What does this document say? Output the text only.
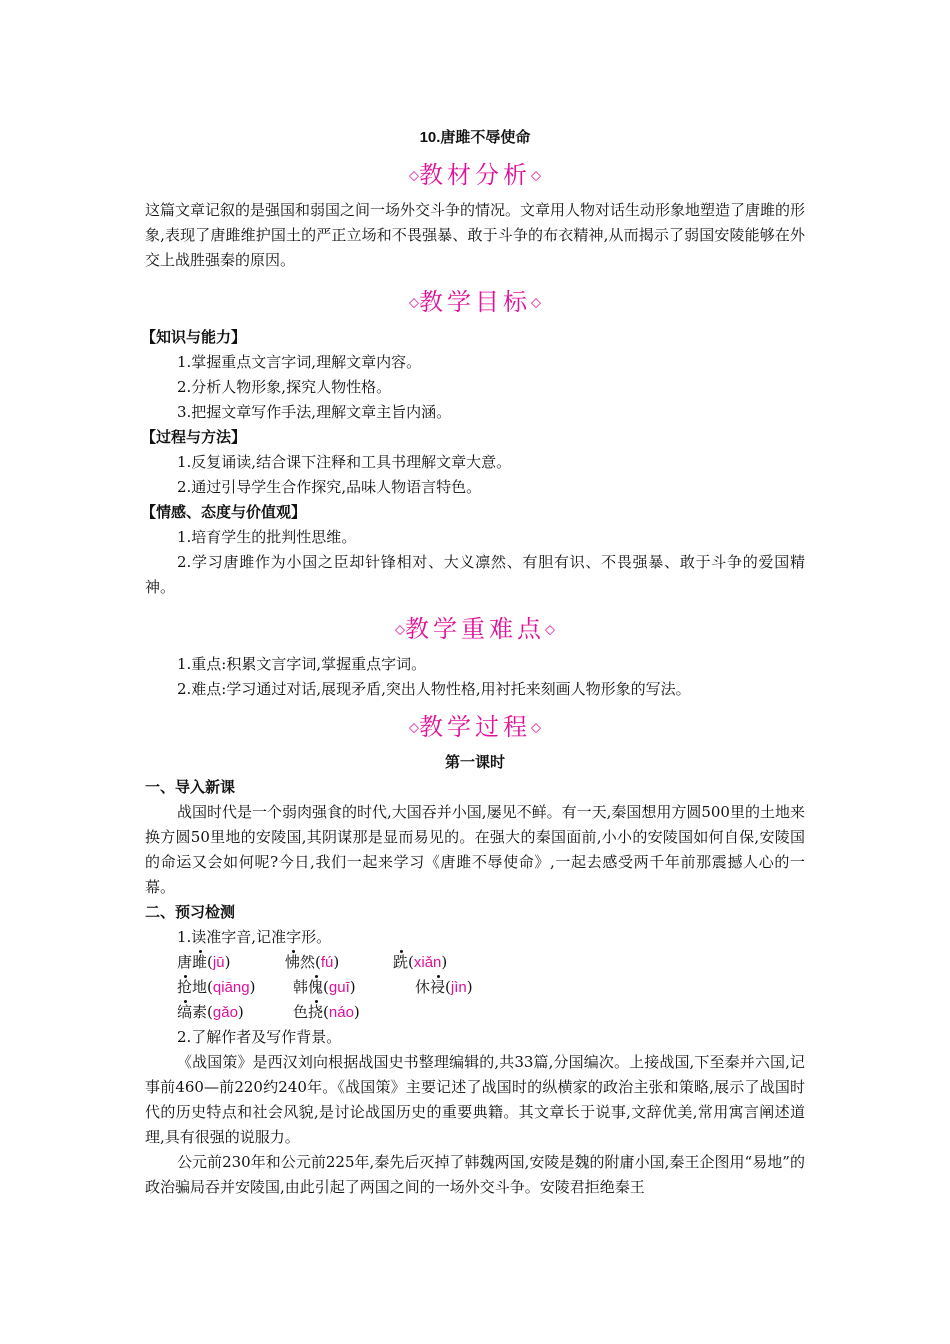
10.唐雎不辱使命
◇教材分析◇

这篇文章记叙的是强国和弱国之间一场外交斗争的情况。文章用人物对话生动形象地塑造了唐雎的形象,表现了唐雎维护国土的严正立场和不畏强暴、敢于斗争的布衣精神,从而揭示了弱国安陵能够在外交上战胜强秦的原因。

◇教学目标◇

【知识与能力】

1.掌握重点文言字词,理解文章内容。

2.分析人物形象,探究人物性格。

3.把握文章写作手法,理解文章主旨内涵。

【过程与方法】

1.反复诵读,结合课下注释和工具书理解文章大意。

2.通过引导学生合作探究,品味人物语言特色。

【情感、态度与价值观】

1.培育学生的批判性思维。

2.学习唐雎作为小国之臣却针锋相对、大义凛然、有胆有识、不畏强暴、敢于斗争的爱国精神。

◇教学重难点◇

1.重点:积累文言字词,掌握重点字词。

2.难点:学习通过对话,展现矛盾,突出人物性格,用衬托来刻画人物形象的写法。

◇教学过程◇

第一课时

一、导入新课

战国时代是一个弱肉强食的时代,大国吞并小国,屡见不鲜。有一天,秦国想用方圆500里的土地来换方圆50里地的安陵国,其阴谋那是显而易见的。在强大的秦国面前,小小的安陵国如何自保,安陵国的命运又会如何呢?今日,我们一起来学习《唐雎不辱使命》,一起去感受两千年前那震撼人心的一幕。

二、预习检测

1.读准字音,记准字形。

唐雎(jū)	怫然(fú)	跣(xiǎn)
抢地(qiāng)	韩傀(guī)	休祲(jìn)
缟素(gǎo)	色挠(náo)

2.了解作者及写作背景。

《战国策》是西汉刘向根据战国史书整理编辑的,共33篇,分国编次。上接战国,下至秦并六国,记事前460—前220约240年。《战国策》主要记述了战国时的纵横家的政治主张和策略,展示了战国时代的历史特点和社会风貌,是讨论战国历史的重要典籍。其文章长于说事,文辞优美,常用寓言阐述道理,具有很强的说服力。

公元前230年和公元前225年,秦先后灭掉了韩魏两国,安陵是魏的附庸小国,秦王企图用“易地”的政治骗局吞并安陵国,由此引起了两国之间的一场外交斗争。安陵君拒绝秦王
